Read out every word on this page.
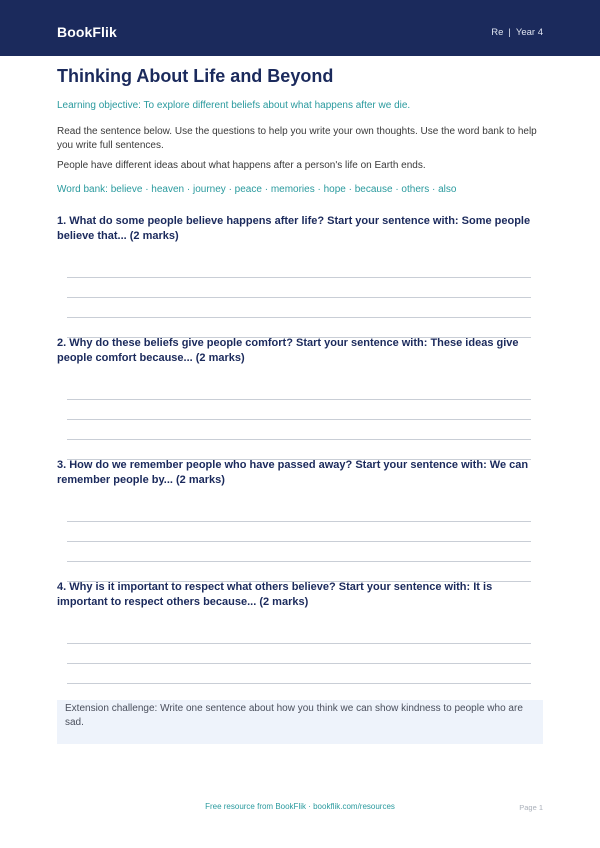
BookFlik	Re | Year 4
Thinking About Life and Beyond
Learning objective: To explore different beliefs about what happens after we die.
Read the sentence below. Use the questions to help you write your own thoughts. Use the word bank to help you write full sentences.
People have different ideas about what happens after a person's life on Earth ends.
Word bank: believe · heaven · journey · peace · memories · hope · because · others · also
1. What do some people believe happens after life? Start your sentence with: Some people believe that... (2 marks)
2. Why do these beliefs give people comfort? Start your sentence with: These ideas give people comfort because... (2 marks)
3. How do we remember people who have passed away? Start your sentence with: We can remember people by... (2 marks)
4. Why is it important to respect what others believe? Start your sentence with: It is important to respect others because... (2 marks)
Extension challenge: Write one sentence about how you think we can show kindness to people who are sad.
Free resource from BookFlik · bookflik.com/resources	Page 1
